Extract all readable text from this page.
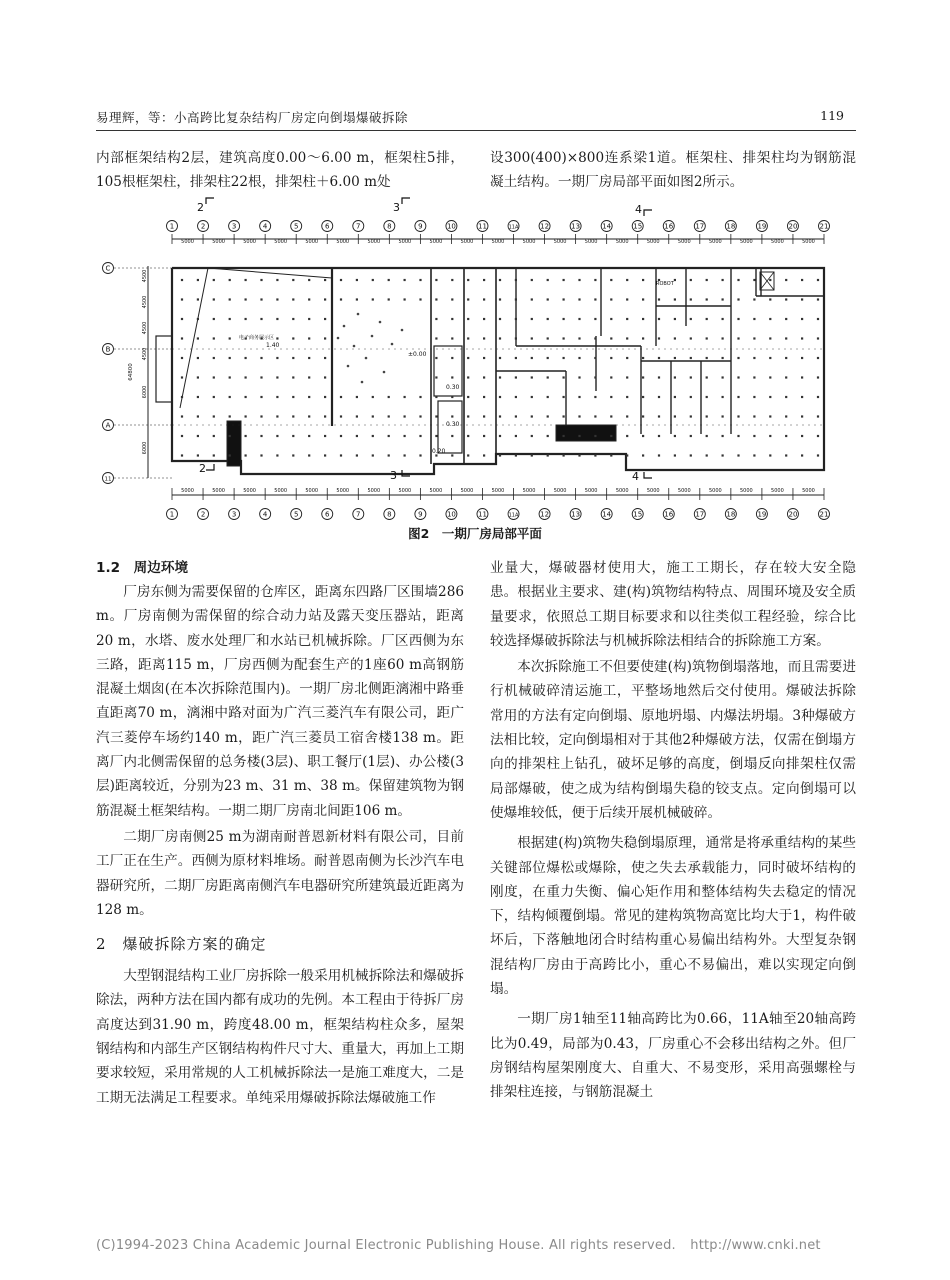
易理辉，等：小高跨比复杂结构厂房定向倒塌爆破拆除	119

内部框架结构2层，建筑高度0.00～6.00 m，框架柱5排，105根框架柱，排架柱22根，排架柱＋6.00 m处

设300(400)×800连系梁1道。框架柱、排架柱均为钢筋混凝土结构。一期厂房局部平面如图2所示。

1	2	3	4	5	6	7	8	9	10	11	11A	12	13	14	15	16	17	18	19	20	21
1	2	3	4	5	6	7	8	9	10	11	11A	12	13	14	15	16	17	18	19	20	21
5000	5000	5000	5000	5000	5000	5000	5000	5000	5000	5000	5000	5000	5000	5000	5000	5000	5000	5000	5000	5000
5000	5000	5000	5000	5000	5000	5000	5000	5000	5000	5000	5000	5000	5000	5000	5000	5000	5000	5000	5000	5000
C
B
A
11
4500
4500
4500
4500
6000
6000
64800
2	3	4
2
3	4
1.40
±0.00
0.30
0.30
0.20
电子商务展示区
ROBOT
图2　一期厂房局部平面
1.2　周边环境

厂房东侧为需要保留的仓库区，距离东四路厂区围墙286 m。厂房南侧为需保留的综合动力站及露天变压器站，距离20 m，水塔、废水处理厂和水站已机械拆除。厂区西侧为东三路，距离115 m，厂房西侧为配套生产的1座60 m高钢筋混凝土烟囱(在本次拆除范围内)。一期厂房北侧距漓湘中路垂直距离70 m，漓湘中路对面为广汽三菱汽车有限公司，距广汽三菱停车场约140 m，距广汽三菱员工宿舍楼138 m。距离厂内北侧需保留的总务楼(3层)、职工餐厅(1层)、办公楼(3层)距离较近，分别为23 m、31 m、38 m。保留建筑物为钢筋混凝土框架结构。一期二期厂房南北间距106 m。

二期厂房南侧25 m为湖南耐普恩新材料有限公司，目前工厂正在生产。西侧为原材料堆场。耐普恩南侧为长沙汽车电器研究所，二期厂房距离南侧汽车电器研究所建筑最近距离为128 m。

2　爆破拆除方案的确定

大型钢混结构工业厂房拆除一般采用机械拆除法和爆破拆除法，两种方法在国内都有成功的先例。本工程由于待拆厂房高度达到31.90 m，跨度48.00 m，框架结构柱众多，屋架钢结构和内部生产区钢结构构件尺寸大、重量大，再加上工期要求较短，采用常规的人工机械拆除法一是施工难度大，二是工期无法满足工程要求。单纯采用爆破拆除法爆破施工作

业量大，爆破器材使用大，施工工期长，存在较大安全隐患。根据业主要求、建(构)筑物结构特点、周围环境及安全质量要求，依照总工期目标要求和以往类似工程经验，综合比较选择爆破拆除法与机械拆除法相结合的拆除施工方案。

本次拆除施工不但要使建(构)筑物倒塌落地，而且需要进行机械破碎清运施工，平整场地然后交付使用。爆破法拆除常用的方法有定向倒塌、原地坍塌、内爆法坍塌。3种爆破方法相比较，定向倒塌相对于其他2种爆破方法，仅需在倒塌方向的排架柱上钻孔，破坏足够的高度，倒塌反向排架柱仅需局部爆破，使之成为结构倒塌失稳的铰支点。定向倒塌可以使爆堆较低，便于后续开展机械破碎。

根据建(构)筑物失稳倒塌原理，通常是将承重结构的某些关键部位爆松或爆除，使之失去承载能力，同时破坏结构的刚度，在重力失衡、偏心矩作用和整体结构失去稳定的情况下，结构倾覆倒塌。常见的建构筑物高宽比均大于1，构件破坏后，下落触地闭合时结构重心易偏出结构外。大型复杂钢混结构厂房由于高跨比小，重心不易偏出，难以实现定向倒塌。

一期厂房1轴至11轴高跨比为0.66，11A轴至20轴高跨比为0.49，局部为0.43，厂房重心不会移出结构之外。但厂房钢结构屋架刚度大、自重大、不易变形，采用高强螺栓与排架柱连接，与钢筋混凝土

(C)1994-2023 China Academic Journal Electronic Publishing House. All rights reserved. http://www.cnki.net
